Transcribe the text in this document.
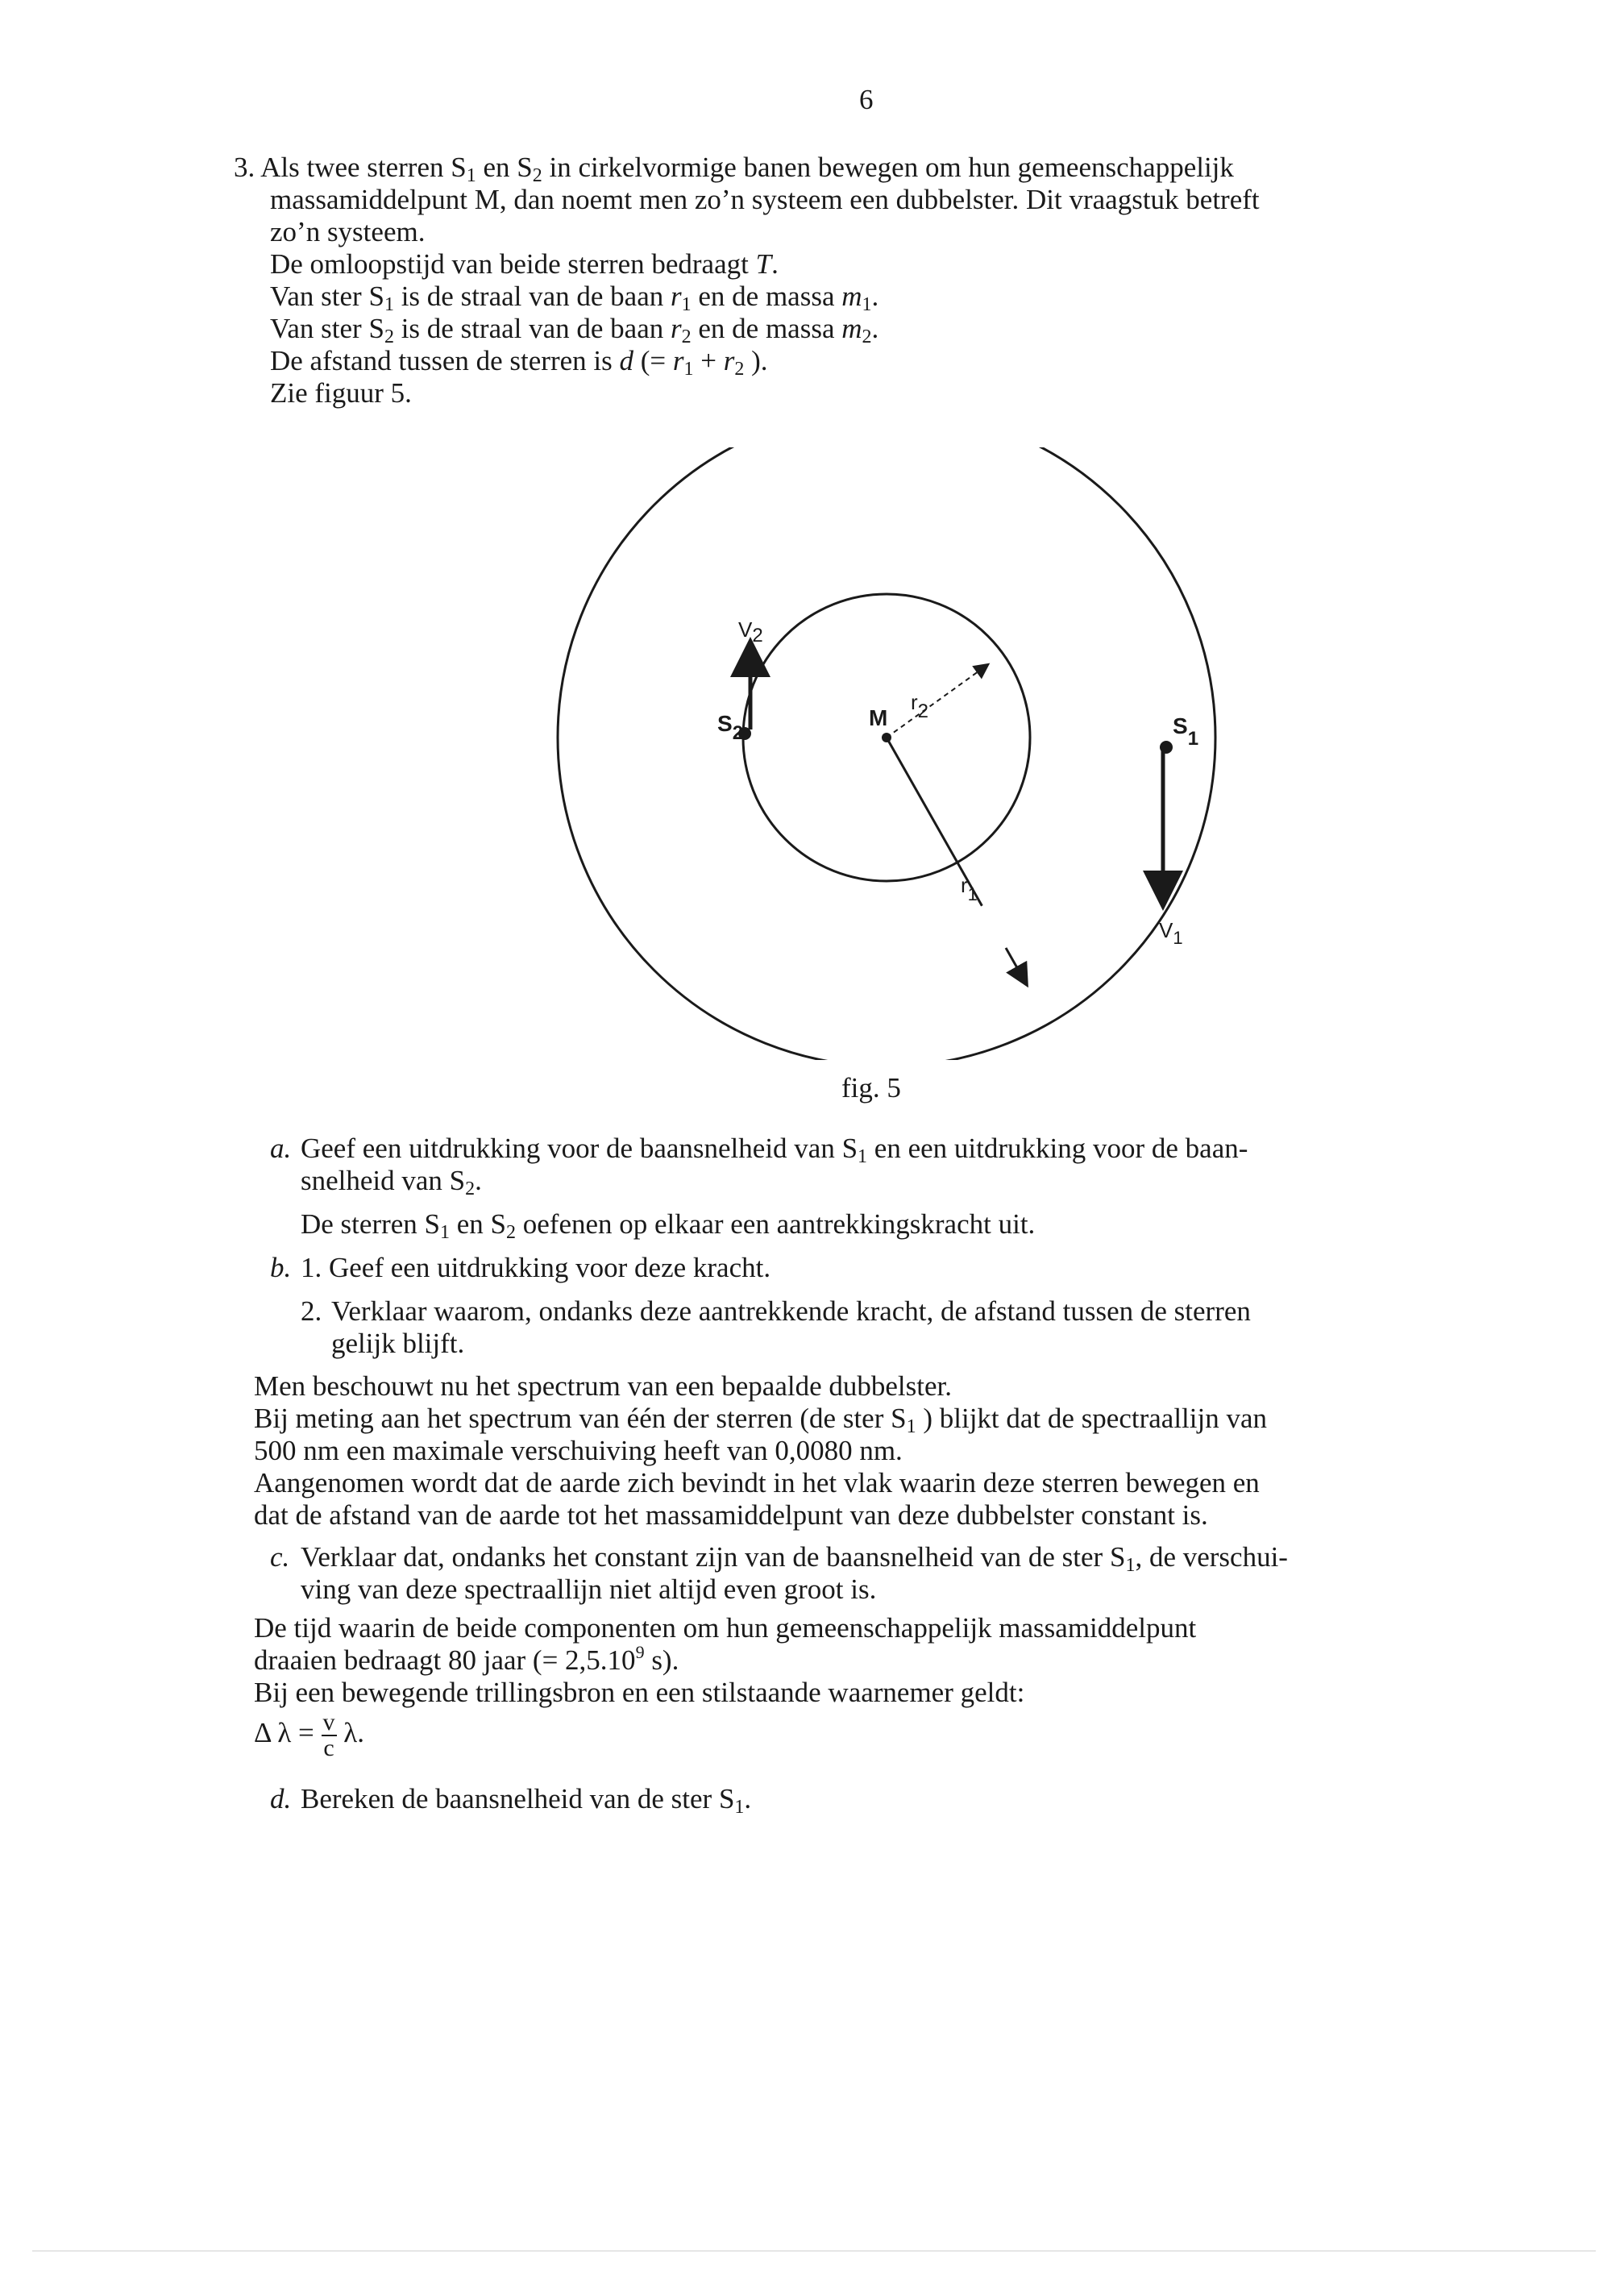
6
3. Als twee sterren $S_1$ en $S_2$ in cirkelvormige banen bewegen om hun gemeenschappelijk
massamiddelpunt M, dan noemt men zo’n systeem een dubbelster. Dit vraagstuk betreft
zo’n systeem.
De omloopstijd van beide sterren bedraagt T.
Van ster $S_1$ is de straal van de baan $r_1$ en de massa $m_1$.
Van ster $S_2$ is de straal van de baan $r_2$ en de massa $m_2$.
De afstand tussen de sterren is d (= $r_1 + r_2$ ).
Zie figuur 5.
V2
S2
M
r2
S1
$r_1$
$V_1$
fig. 5
a. Geef een uitdrukking voor de baansnelheid van $S_1$ en een uitdrukking voor de baan-
snelheid van $S_2$.
De sterren $S_1$ en $S_2$ oefenen op elkaar een aantrekkingskracht uit.
b. 1. Geef een uitdrukking voor deze kracht.
2. Verklaar waarom, ondanks deze aantrekkende kracht, de afstand tussen de sterren
gelijk blijft.
Men beschouwt nu het spectrum van een bepaalde dubbelster.
Bij meting aan het spectrum van één der sterren (de ster $S_1$ ) blijkt dat de spectraallijn van
500 nm een maximale verschuiving heeft van 0,0080 nm.
Aangenomen wordt dat de aarde zich bevindt in het vlak waarin deze sterren bewegen en
dat de afstand van de aarde tot het massamiddelpunt van deze dubbelster constant is.
c. Verklaar dat, ondanks het constant zijn van de baansnelheid van de ster $S_1$, de verschui-
ving van deze spectraallijn niet altijd even groot is.
De tijd waarin de beide componenten om hun gemeenschappelijk massamiddelpunt
draaien bedraagt 80 jaar (= $2,5.10^9$ s).
Bij een bewegende trillingsbron en een stilstaande waarnemer geldt:
Δ $\lambda = \frac{v}{c} \lambda$.
d. Bereken de baansnelheid van de ster $S_1$.
